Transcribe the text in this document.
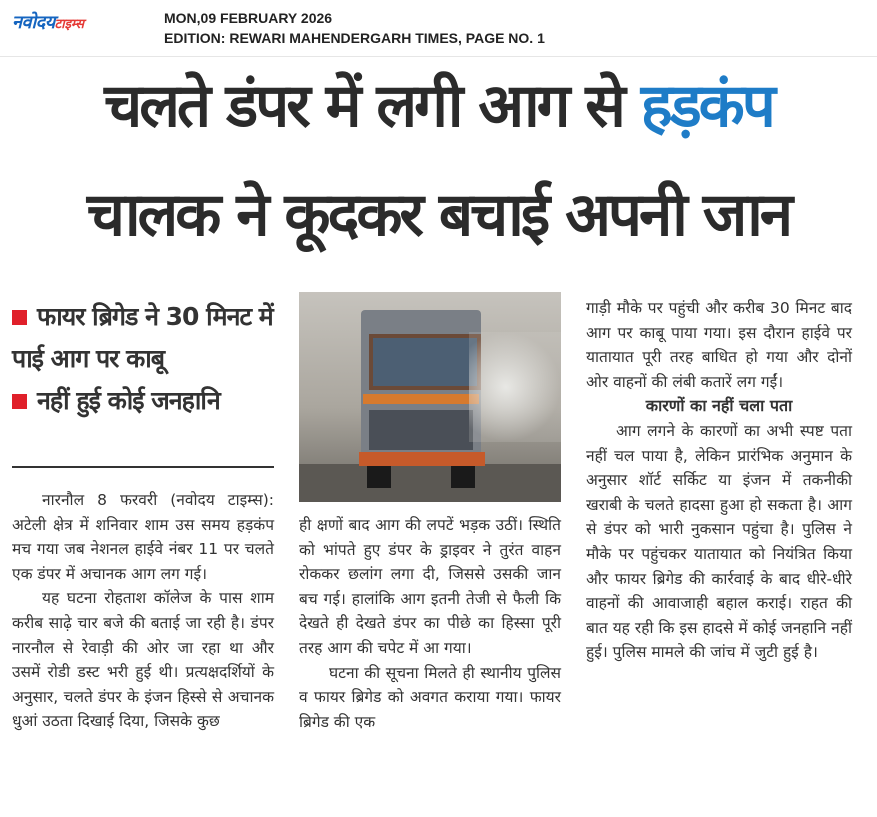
नवोदयटाइम्स	MON,09 FEBRUARY 2026
EDITION: REWARI MAHENDERGARH TIMES, PAGE NO. 1
चलते डंपर में लगी आग से हड़कंप
चालक ने कूदकर बचाई अपनी जान
फायर ब्रिगेड ने 30 मिनट में पाई आग पर काबू
नहीं हुई कोई जनहानि

नारनौल 8 फरवरी (नवोदय टाइम्स): अटेली क्षेत्र में शनिवार शाम उस समय हड़कंप मच गया जब नेशनल हाईवे नंबर 11 पर चलते एक डंपर में अचानक आग लग गई।

यह घटना रोहताश कॉलेज के पास शाम करीब साढ़े चार बजे की बताई जा रही है। डंपर नारनौल से रेवाड़ी की ओर जा रहा था और उसमें रोडी डस्ट भरी हुई थी। प्रत्यक्षदर्शियों के अनुसार, चलते डंपर के इंजन हिस्से से अचानक धुआं उठता दिखाई दिया, जिसके कुछ

ही क्षणों बाद आग की लपटें भड़क उठीं। स्थिति को भांपते हुए डंपर के ड्राइवर ने तुरंत वाहन रोककर छलांग लगा दी, जिससे उसकी जान बच गई। हालांकि आग इतनी तेजी से फैली कि देखते ही देखते डंपर का पीछे का हिस्सा पूरी तरह आग की चपेट में आ गया।

घटना की सूचना मिलते ही स्थानीय पुलिस व फायर ब्रिगेड को अवगत कराया गया। फायर ब्रिगेड की एक

गाड़ी मौके पर पहुंची और करीब 30 मिनट बाद आग पर काबू पाया गया। इस दौरान हाईवे पर यातायात पूरी तरह बाधित हो गया और दोनों ओर वाहनों की लंबी कतारें लग गईं।

कारणों का नहीं चला पता

आग लगने के कारणों का अभी स्पष्ट पता नहीं चल पाया है, लेकिन प्रारंभिक अनुमान के अनुसार शॉर्ट सर्किट या इंजन में तकनीकी खराबी के चलते हादसा हुआ हो सकता है। आग से डंपर को भारी नुकसान पहुंचा है। पुलिस ने मौके पर पहुंचकर यातायात को नियंत्रित किया और फायर ब्रिगेड की कार्रवाई के बाद धीरे-धीरे वाहनों की आवाजाही बहाल कराई। राहत की बात यह रही कि इस हादसे में कोई जनहानि नहीं हुई। पुलिस मामले की जांच में जुटी हुई है।
